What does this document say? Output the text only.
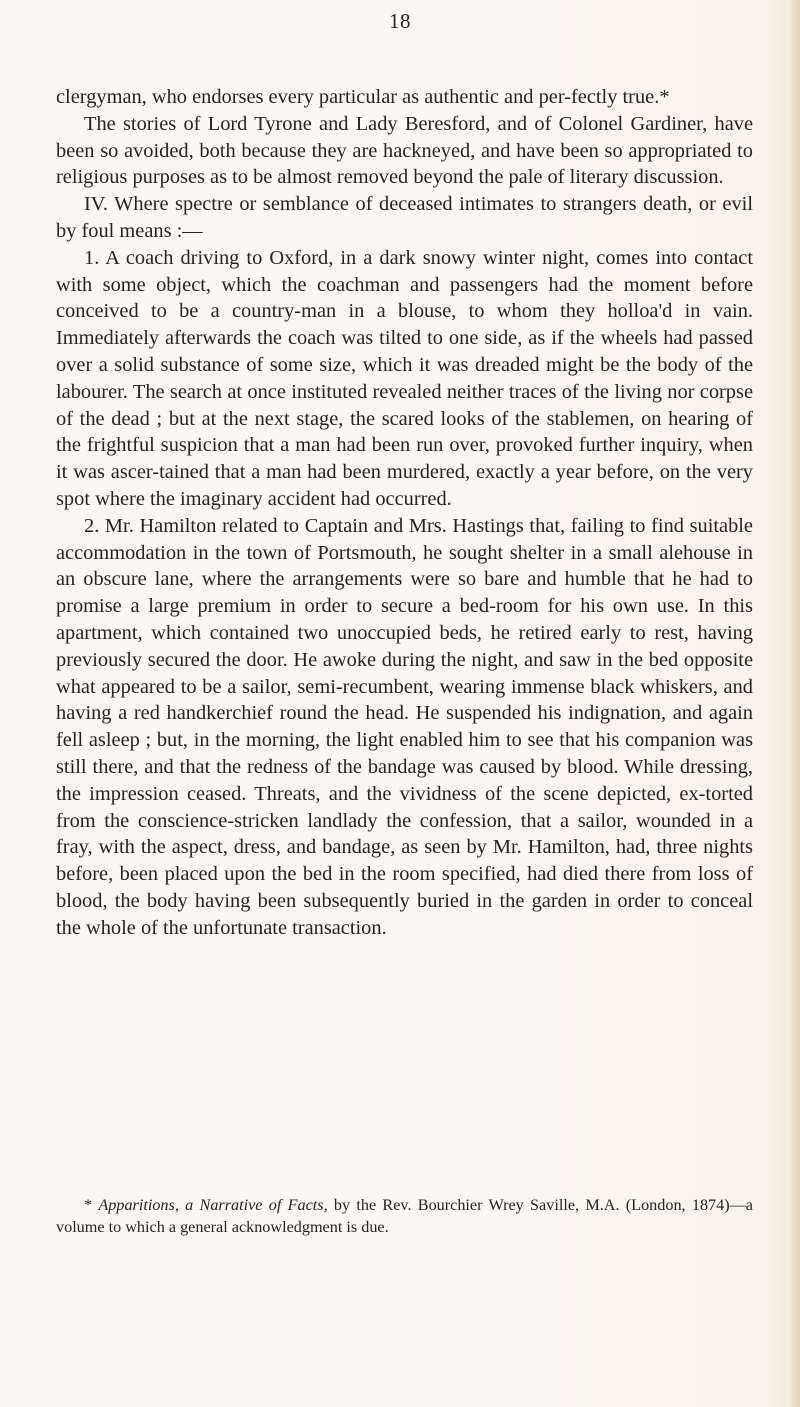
18

clergyman, who endorses every particular as authentic and per-fectly true.*

The stories of Lord Tyrone and Lady Beresford, and of Colonel Gardiner, have been so avoided, both because they are hackneyed, and have been so appropriated to religious purposes as to be almost removed beyond the pale of literary discussion.

IV. Where spectre or semblance of deceased intimates to strangers death, or evil by foul means :—

1. A coach driving to Oxford, in a dark snowy winter night, comes into contact with some object, which the coachman and passengers had the moment before conceived to be a country-man in a blouse, to whom they holloa'd in vain. Immediately afterwards the coach was tilted to one side, as if the wheels had passed over a solid substance of some size, which it was dreaded might be the body of the labourer. The search at once instituted revealed neither traces of the living nor corpse of the dead ; but at the next stage, the scared looks of the stablemen, on hearing of the frightful suspicion that a man had been run over, provoked further inquiry, when it was ascer-tained that a man had been murdered, exactly a year before, on the very spot where the imaginary accident had occurred.

2. Mr. Hamilton related to Captain and Mrs. Hastings that, failing to find suitable accommodation in the town of Portsmouth, he sought shelter in a small alehouse in an obscure lane, where the arrangements were so bare and humble that he had to promise a large premium in order to secure a bed-room for his own use. In this apartment, which contained two unoccupied beds, he retired early to rest, having previously secured the door. He awoke during the night, and saw in the bed opposite what appeared to be a sailor, semi-recumbent, wearing immense black whiskers, and having a red handkerchief round the head. He suspended his indignation, and again fell asleep ; but, in the morning, the light enabled him to see that his companion was still there, and that the redness of the bandage was caused by blood. While dressing, the impression ceased. Threats, and the vividness of the scene depicted, ex-torted from the conscience-stricken landlady the confession, that a sailor, wounded in a fray, with the aspect, dress, and bandage, as seen by Mr. Hamilton, had, three nights before, been placed upon the bed in the room specified, had died there from loss of blood, the body having been subsequently buried in the garden in order to conceal the whole of the unfortunate transaction.

* Apparitions, a Narrative of Facts, by the Rev. Bourchier Wrey Saville, M.A. (London, 1874)—a volume to which a general acknowledgment is due.
